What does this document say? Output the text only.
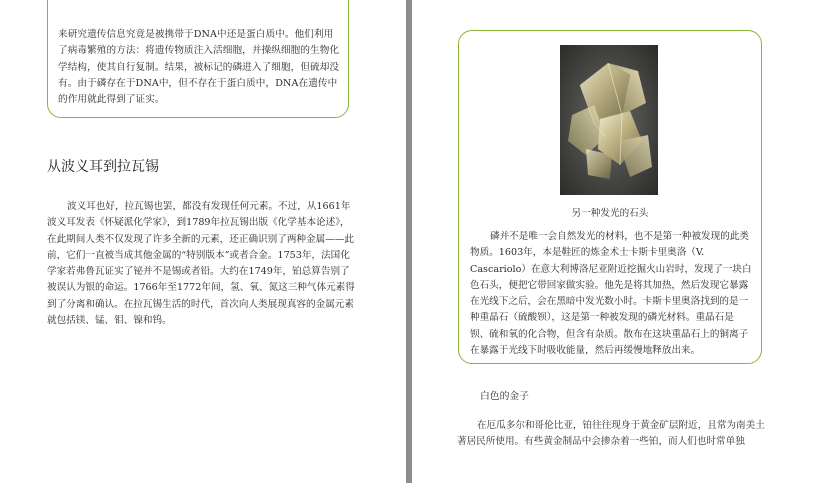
来研究遗传信息究竟是被携带于DNA中还是蛋白质中。他们利用了病毒繁殖的方法：将遗传物质注入活细胞，并操纵细胞的生物化学结构，使其自行复制。结果，被标记的磷进入了细胞，但硫却没有。由于磷存在于DNA中，但不存在于蛋白质中，DNA在遗传中的作用就此得到了证实。

从波义耳到拉瓦锡

波义耳也好，拉瓦锡也罢，都没有发现任何元素。不过，从1661年波义耳发表《怀疑派化学家》，到1789年拉瓦锡出版《化学基本论述》，在此期间人类不仅发现了许多全新的元素，还正确识别了两种金属——此前，它们一直被当成其他金属的“特别版本”或者合金。1753年，法国化学家若弗鲁瓦证实了铋并不是锡或者铅。大约在1749年，铂总算告别了被误认为银的命运。1766年至1772年间，氢、氧、氮这三种气体元素得到了分离和确认。在拉瓦锡生活的时代，首次向人类展现真容的金属元素就包括镁、锰、钼、镍和钨。

另一种发光的石头

磷并不是唯一会自然发光的材料，也不是第一种被发现的此类物质。1603年，本是鞋匠的炼金术士卡斯卡里奥洛（V. Cascariolo）在意大利博洛尼亚附近挖掘火山岩时，发现了一块白色石头，便把它带回家做实验。他先是将其加热，然后发现它暴露在光线下之后，会在黑暗中发光数小时。卡斯卡里奥洛找到的是一种重晶石（硫酸钡），这是第一种被发现的磷光材料。重晶石是钡、硫和氧的化合物，但含有杂质。散布在这块重晶石上的铜离子在暴露于光线下时吸收能量，然后再缓慢地释放出来。

白色的金子

在厄瓜多尔和哥伦比亚，铂往往现身于黄金矿层附近，且常为南美土著居民所使用。有些黄金制品中会掺杂着一些铂，而人们也时常单独
